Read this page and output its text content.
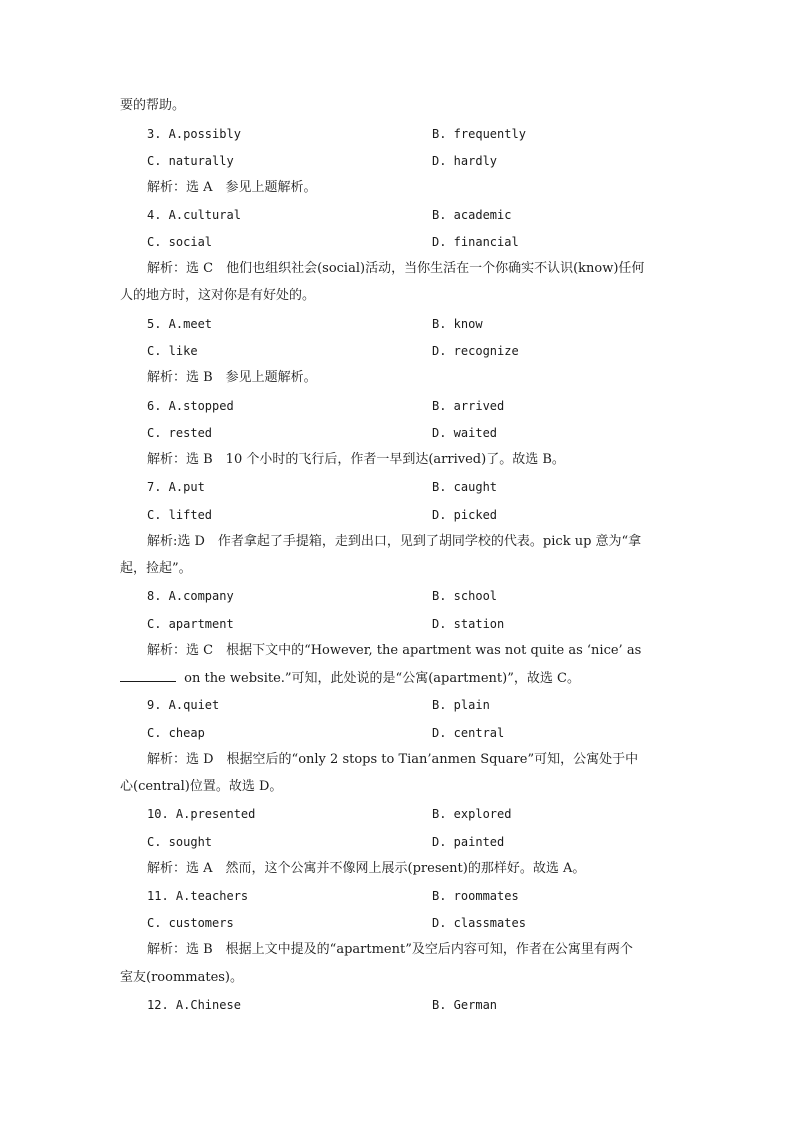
要的帮助。
3. A.possibly	B. frequently
C. naturally	D. hardly
解析：选 A　参见上题解析。
4. A.cultural	B. academic
C. social	D. financial
解析：选 C　他们也组织社会(social)活动，当你生活在一个你确实不认识(know)任何
人的地方时，这对你是有好处的。
5. A.meet	B. know
C. like	D. recognize
解析：选 B　参见上题解析。
6. A.stopped	B. arrived
C. rested	D. waited
解析：选 B　10 个小时的飞行后，作者一早到达(arrived)了。故选 B。
7. A.put	B. caught
C. lifted	D. picked
解析:选 D　作者拿起了手提箱，走到出口，见到了胡同学校的代表。pick up 意为“拿
起，捡起”。
8. A.company	B. school
C. apartment	D. station
解析：选 C　根据下文中的“However, the apartment was not quite as ‘nice’ as
on the website.”可知，此处说的是“公寓(apartment)”，故选 C。
9. A.quiet	B. plain
C. cheap	D. central
解析：选 D　根据空后的“only 2 stops to Tian’anmen Square”可知，公寓处于中
心(central)位置。故选 D。
10. A.presented	B. explored
C. sought	D. painted
解析：选 A　然而，这个公寓并不像网上展示(present)的那样好。故选 A。
11. A.teachers	B. roommates
C. customers	D. classmates
解析：选 B　根据上文中提及的“apartment”及空后内容可知，作者在公寓里有两个
室友(roommates)。
12. A.Chinese	B. German
